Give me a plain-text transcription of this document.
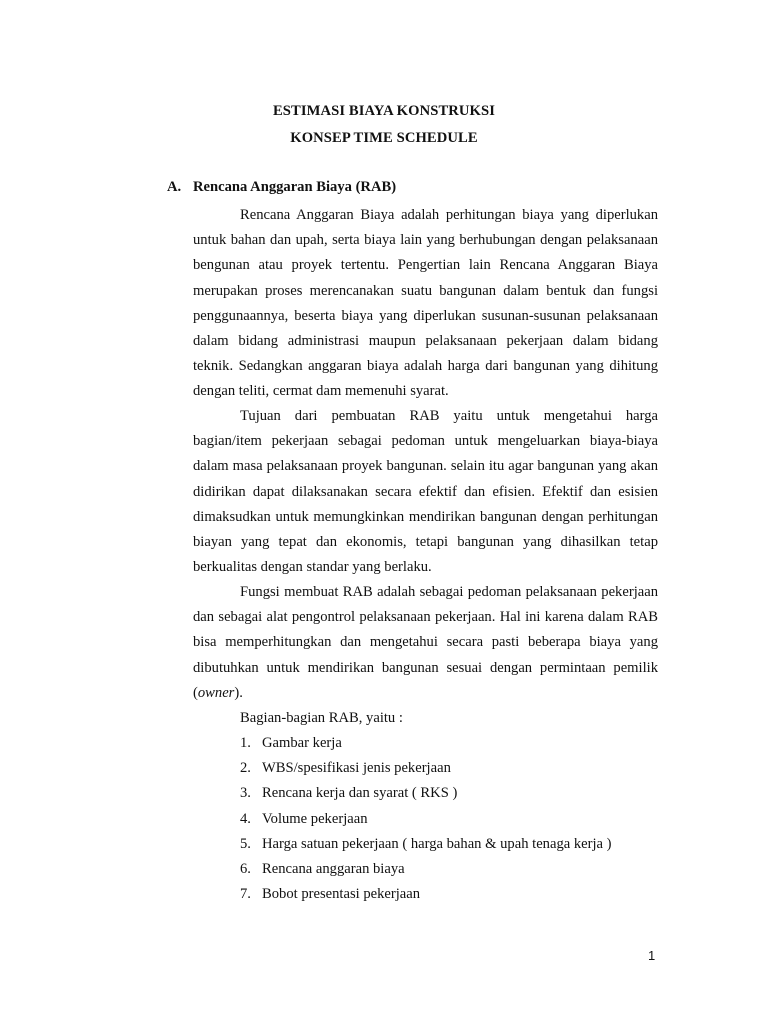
ESTIMASI BIAYA KONSTRUKSI
KONSEP TIME SCHEDULE
A. Rencana Anggaran Biaya (RAB)

Rencana Anggaran Biaya adalah perhitungan biaya yang diperlukan untuk bahan dan upah, serta biaya lain yang berhubungan dengan pelaksanaan bengunan atau proyek tertentu. Pengertian lain Rencana Anggaran Biaya merupakan proses merencanakan suatu bangunan dalam bentuk dan fungsi penggunaannya, beserta biaya yang diperlukan susunan-susunan pelaksanaan dalam bidang administrasi maupun pelaksanaan pekerjaan dalam bidang teknik. Sedangkan anggaran biaya adalah harga dari bangunan yang dihitung dengan teliti, cermat dam memenuhi syarat.

Tujuan dari pembuatan RAB yaitu untuk mengetahui harga bagian/item pekerjaan sebagai pedoman untuk mengeluarkan biaya-biaya dalam masa pelaksanaan proyek bangunan. selain itu agar bangunan yang akan didirikan dapat dilaksanakan secara efektif dan efisien. Efektif dan esisien dimaksudkan untuk memungkinkan mendirikan bangunan dengan perhitungan biayan yang tepat dan ekonomis, tetapi bangunan yang dihasilkan tetap berkualitas dengan standar yang berlaku.

Fungsi membuat RAB adalah sebagai pedoman pelaksanaan pekerjaan dan sebagai alat pengontrol pelaksanaan pekerjaan. Hal ini karena dalam RAB bisa memperhitungkan dan mengetahui secara pasti beberapa biaya yang dibutuhkan untuk mendirikan bangunan sesuai dengan permintaan pemilik (owner).

Bagian-bagian RAB, yaitu :
1. Gambar kerja
2. WBS/spesifikasi jenis pekerjaan
3. Rencana kerja dan syarat ( RKS )
4. Volume pekerjaan
5. Harga satuan pekerjaan ( harga bahan & upah tenaga kerja )
6. Rencana anggaran biaya
7. Bobot presentasi pekerjaan
1
